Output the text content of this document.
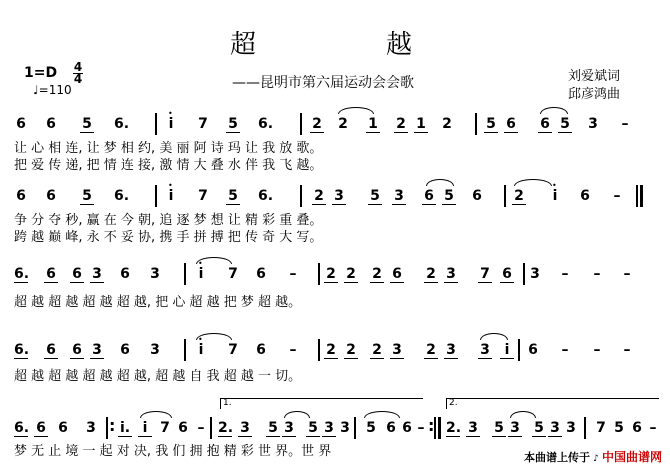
超	越
——昆明市第六届运动会会歌
1=D 4
4
♩=110
刘爱斌词
邱彦鸿曲
6 6 5 6.	i
•
7 5 6.	2 2 1 2 1 2 5 6 6 5 3 –
让 心 相 连, 让 梦 相 约, 美 丽 阿 诗 玛 让 我 放 歌。
把 爱 传 递, 把 情 连 接, 激 情 大 叠 水 伴 我 飞 越。
6 6 5 6.	i
•
7 5 6.	2 3 5 3 6 5 6 2	i
•
6 –
争 分 夺 秒, 赢 在 今 朝, 追 逐 梦 想 让 精 彩 重 叠。
跨 越 巅 峰, 永 不 妥 协, 携 手 拼 搏 把 传 奇 大 写。
6. 6 6 3 6 3	i
•
7 6 – 2 2 2 6 2 3 7 6 3 – – –
超 越 超 越 超 越 超 越, 把 心 超 越 把 梦 超 越。
6. 6 6 3 6 3	i
•
7 6 – 2 2 2 3 2 3 3	i	6 – – –
超 越 超 越 超 越 超 越, 超 越 自 我 超 越 一 切。
6. 6 6 3 : i. i 7 6 – 2. 3 5 3 5 3 3 5 6 6 – : 2. 3 5 3 5 3 3 7 5 6 –
1.	2.
梦 无 止 境 一 起 对 决, 我 们 拥 抱 精 彩 世 界。世 界	本曲谱上传于 ♪ 中国曲谱网
